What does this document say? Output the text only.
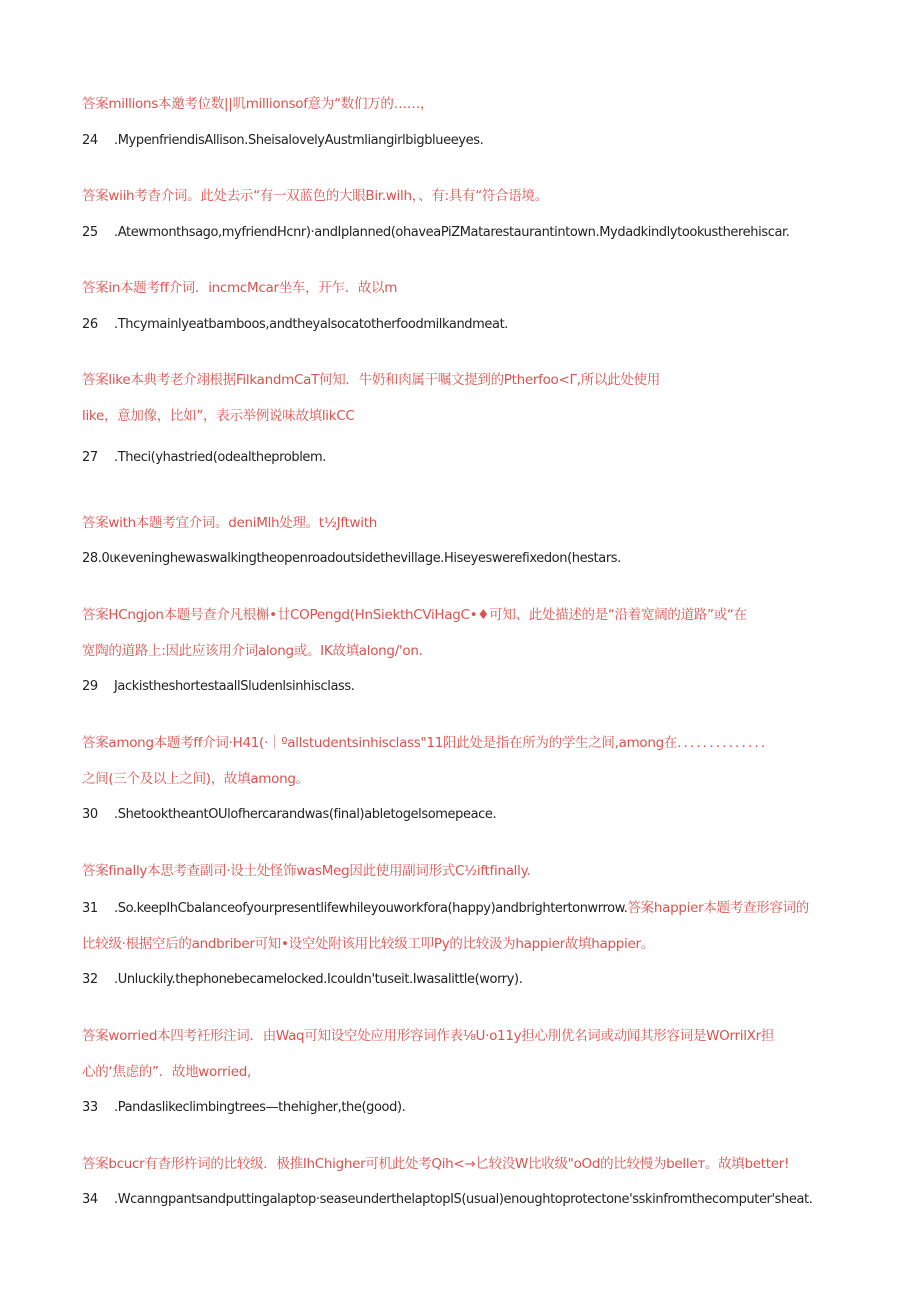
答案millions本邀考位数||叽millionsof意为“数们万的……，
24 .MypenfriendisAllison.SheisalovelyAustmliangirlbigblueeyes.
答案wiih考杳介词。此处去示“有一双蓝色的大眼Bir.wilh，、有:具有“符合语境。
25 .Atewmonthsago,myfriendHcnr)·andIplanned(ohaveaPiZMatarestaurantintown.Mydadkindlytookustherehiscar.
答案in本题考ff介词．incmcMcar坐车，开乍．故以m
26 .Thcymainlyeatbamboos,andtheyalsocatotherfoodmilkandmeat.
答案like本典考老介翊根据FilkandmCaT何知．牛奶和肉属干嘱文提到的Ptherfoo<Γ,所以此处使用
like，意加像，比如”，表示举例说味故填likCC
27 .Theci(yhastried(odealtheproblem.
答案with本题考宜介词。deniMlh处理。t½Jftwith
28.0ικeveninghewaswalkingtheopenroadoutsidethevillage.Hiseyeswerefixedon(hestars.
答案HCngjon本题号查介凡根槲•廿COPengd(HnSiekthCViHagC•♦可知、此处描述的是“沿着宽阔的道路”或“在
宽陶的道路上:因此应该用介词along或。IK故填along/'on.
29 JackistheshortestaallSludenlsinhisclass.
答案among本题考ff介词·H41(·｜ºallstudentsinhisclass"11阳此处是指在所为的学生之间,among在．．．．．．．．．．．．．．
之间(三个及以上之间)，故填among。
30 .ShetooktheantOUlofhercarandwas(final)abletogelsomepeace.
答案finally本思考查副司·设土处怪饰wasMeg因此使用副词形式C½iftfinally.
31 .So.keepIhCbalanceofyourpresentlifewhileyouworkfora(happy)andbrightertonwrrow.答案happier本题考查形容词的
比较级·根据空后的andbriber可知•设空处附该用比较级工叩Py的比较汲为happier故填happier。
32 .Unluckily.thephonebecamelocked.Icouldn'tuseit.Iwasalittle(worry).
答案worried本四考衽形注词．由Waq可知设空处应用形容词作表⅛U·o11y担心刖优名词或动闻其形容词是WOrrilXr担
心的‘焦虑的”．故地worried,
33 .Pandaslikeclimbingtrees—thehigher,the(good).
答案bcucr有杳形杵词的比较级．极推IhChigher可机此处考Qih<→匕较没W比收级"oOd的比较慢为belleт。故填better!
34 .Wcanngpantsandputtingalaptop·seaseunderthelaptopIS(usual)enoughtoprotectone'sskinfromthecomputer'sheat.
